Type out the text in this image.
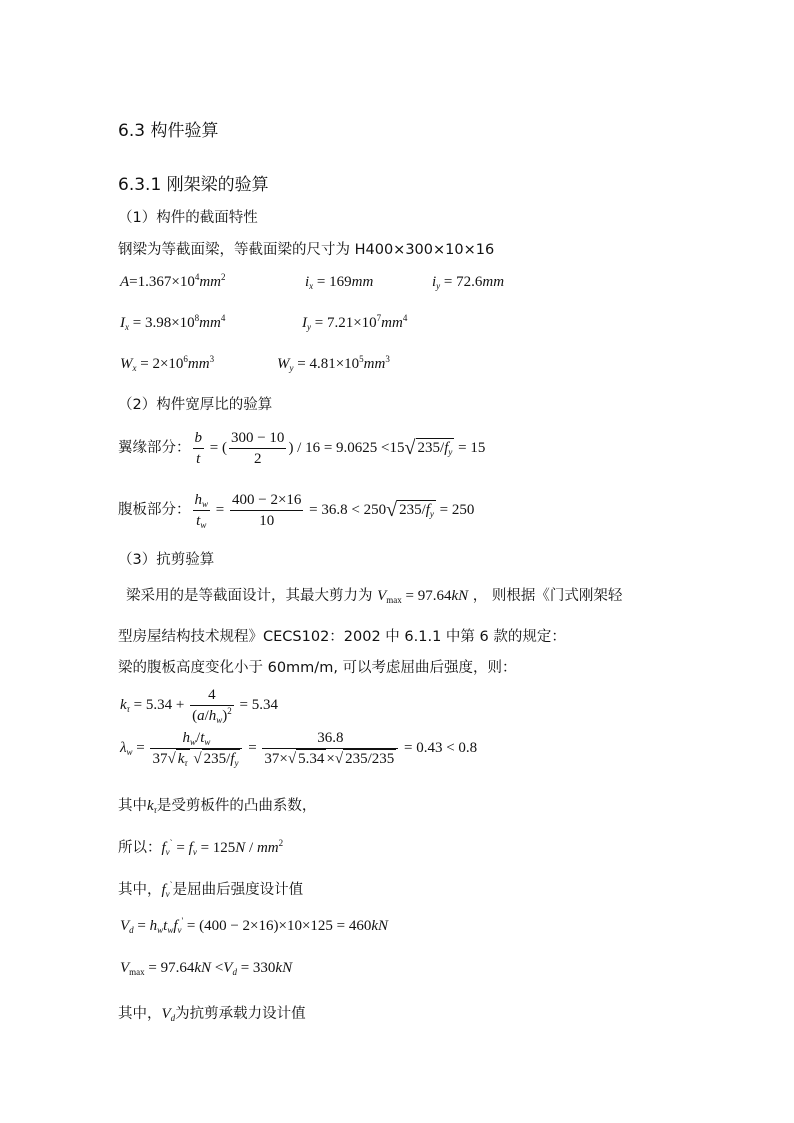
6.3 构件验算
6.3.1 刚架梁的验算
（1）构件的截面特性
钢梁为等截面梁，等截面梁的尺寸为 H400×300×10×16
$A=1.367\times 10^4mm^2$	$i_x = 169mm$	$i_y = 72.6mm$
$I_x = 3.98\times 10^8mm^4$	$I_y = 7.21\times 10^7mm^4$
$W_x = 2\times 10^6mm^3$	$W_y = 4.81\times 10^5mm^3$
（2）构件宽厚比的验算
翼缘部分： $\frac{b}{t}$ = ( $\frac{300 - 10}{2}$ ) / 16 = 9.0625 <15√ $235/f_y = 15$
腹板部分： $\frac{h_w}{t_w} = \frac{400 - 2\times 16}{10} = 36.8 < 250√$ $235/f_y = 250$
（3）抗剪验算
梁采用的是等截面设计，其最大剪力为 $V_{max} = 97.64kN$ ， 则根据《门式刚架轻
型房屋结构技术规程》CECS102：2002 中 6.1.1 中第 6 款的规定：
梁的腹板高度变化小于 60mm/m, 可以考虑屈曲后强度，则：
$k_\tau = 5.34 + \frac{4}{(a/h_w)^2} = 5.34$
$\lambda_w = \frac{h_w/t_w}{37√ k_\tau √ 235/f_y} = \frac{36.8}{37\times√ 5.34 \times√ 235/235} = 0.43 < 0.8$
其中$k_\tau$是受剪板件的凸曲系数，
所以：$f_v^` = f_v = 125N / mm^2$
其中，$f_v^`$是屈曲后强度设计值
$V_d = h_wt_wf_v' = (400 - 2\times 16)\times 10\times 125 = 460kN$
$V_{max} = 97.64kN <V_d = 330kN$
其中，$V_d$为抗剪承载力设计值
